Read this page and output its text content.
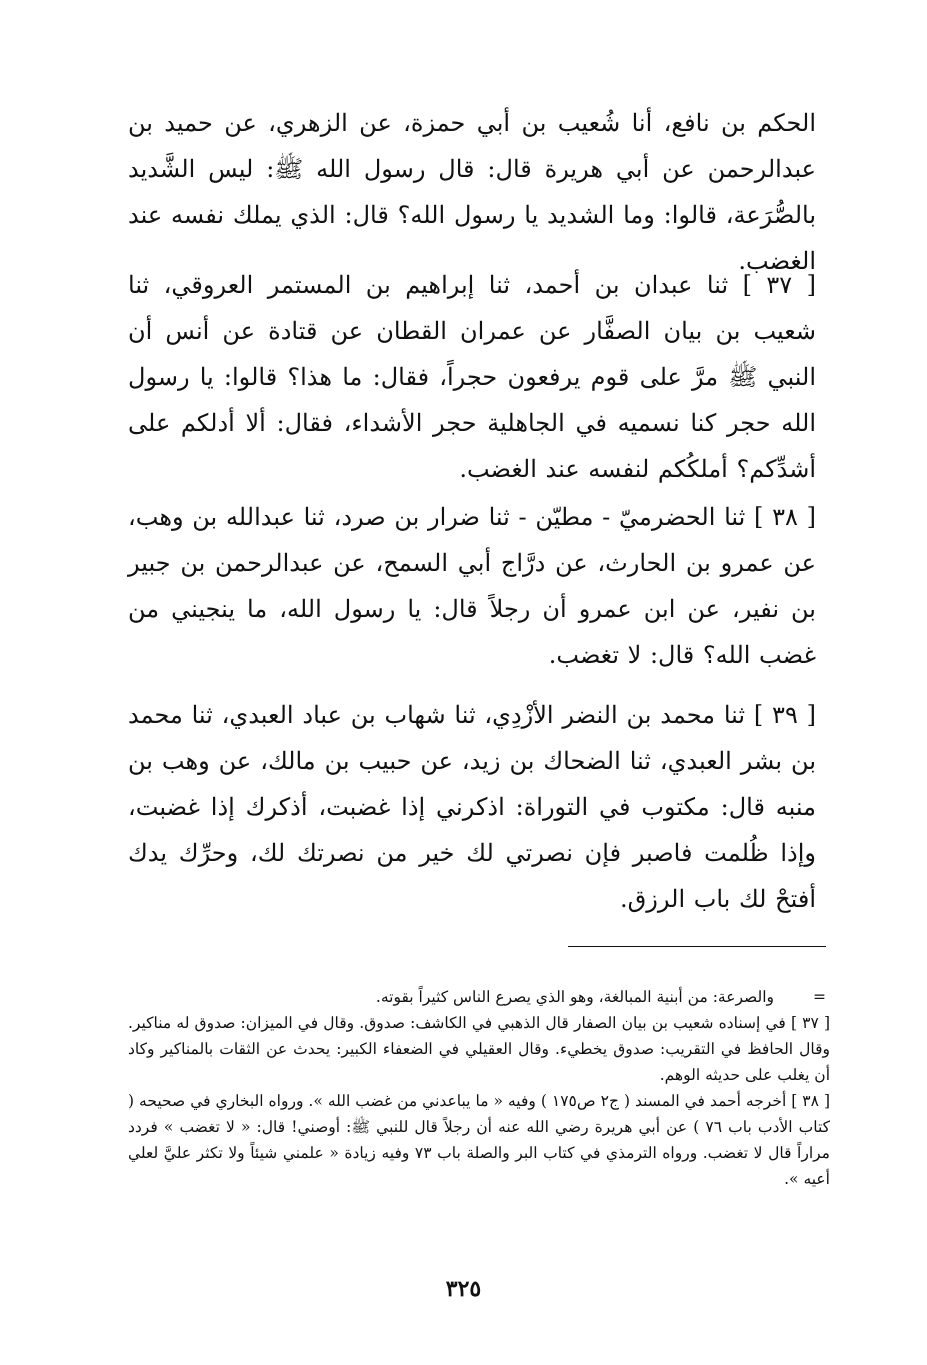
الحكم بن نافع، أنا شُعيب بن أبي حمزة، عن الزهري، عن حميد بن عبدالرحمن عن أبي هريرة قال: قال رسول الله ﷺ: ليس الشَّديد بالصُّرَعة، قالوا: وما الشديد يا رسول الله؟ قال: الذي يملك نفسه عند الغضب.

[ ٣٧ ] ثنا عبدان بن أحمد، ثنا إبراهيم بن المستمر العروقي، ثنا شعيب بن بيان الصفَّار عن عمران القطان عن قتادة عن أنس أن النبي ﷺ مرَّ على قوم يرفعون حجراً، فقال: ما هذا؟ قالوا: يا رسول الله حجر كنا نسميه في الجاهلية حجر الأشداء، فقال: ألا أدلكم على أشدِّكم؟ أملكُكم لنفسه عند الغضب.

[ ٣٨ ] ثنا الحضرميّ - مطيّن - ثنا ضرار بن صرد، ثنا عبدالله بن وهب، عن عمرو بن الحارث، عن درَّاج أبي السمح، عن عبدالرحمن بن جبير بن نفير، عن ابن عمرو أن رجلاً قال: يا رسول الله، ما ينجيني من غضب الله؟ قال: لا تغضب.

[ ٣٩ ] ثنا محمد بن النضر الأزْدِي، ثنا شهاب بن عباد العبدي، ثنا محمد بن بشر العبدي، ثنا الضحاك بن زيد، عن حبيب بن مالك، عن وهب بن منبه قال: مكتوب في التوراة: اذكرني إذا غضبت، أذكرك إذا غضبت، وإذا ظُلمت فاصبر فإن نصرتي لك خير من نصرتك لك، وحرِّك يدك أفتحْ لك باب الرزق.

=
والصرعة: من أبنية المبالغة، وهو الذي يصرع الناس كثيراً بقوته.

[ ٣٧ ] في إسناده شعيب بن بيان الصفار قال الذهبي في الكاشف: صدوق. وقال في الميزان: صدوق له مناكير. وقال الحافظ في التقريب: صدوق يخطيء. وقال العقيلي في الضعفاء الكبير: يحدث عن الثقات بالمناكير وكاد أن يغلب على حديثه الوهم.

[ ٣٨ ] أخرجه أحمد في المسند ( ج٢ ص١٧٥ ) وفيه « ما يباعدني من غضب الله ». ورواه البخاري في صحيحه ( كتاب الأدب باب ٧٦ ) عن أبي هريرة رضي الله عنه أن رجلاً قال للنبي ﷺ: أوصني! قال: « لا تغضب » فردد مراراً قال لا تغضب. ورواه الترمذي في كتاب البر والصلة باب ٧٣ وفيه زيادة « علمني شيئاً ولا تكثر عليَّ لعلي أعيه ».

٣٢٥
